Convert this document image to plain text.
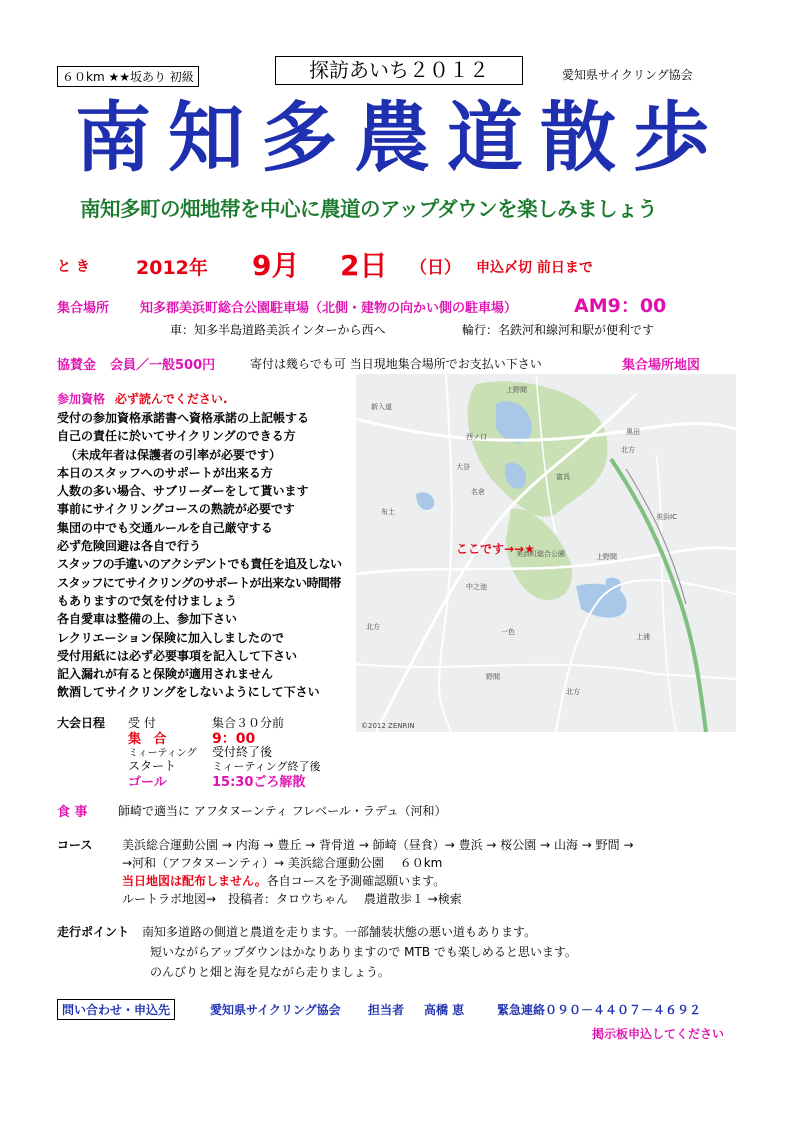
６０km ★★坂あり 初級	探訪あいち２０１２	愛知県サイクリング協会
南知多農道散歩
南知多町の畑地帯を中心に農道のアップダウンを楽しみましょう
と き 2012年 9月 2日 （日） 申込〆切 前日まで
集合場所 知多郡美浜町総合公園駐車場（北側・建物の向かい側の駐車場）	AM9：00
車：知多半島道路美浜インターから西へ	輪行：名鉄河和線河和駅が便利です
協賛金 会員／一般500円	寄付は幾らでも可 当日現地集合場所でお支払い下さい	集合場所地図
参加資格 必ず読んでください.
受付の参加資格承諾書へ資格承諾の上記帳する
自己の責任に於いてサイクリングのできる方
（未成年者は保護者の引率が必要です）
本日のスタッフへのサポートが出来る方
人数の多い場合、サブリーダーをして貰います
事前にサイクリングコースの熟読が必要です
集団の中でも交通ルールを自己厳守する
必ず危険回避は各自で行う
スタッフの手違いのアクシデントでも責任を追及しない
スタッフにてサイクリングのサポートが出来ない時間帯
もありますので気を付けましょう
各自愛車は整備の上、参加下さい
レクリエーション保険に加入しましたので
受付用紙には必ず必要事項を記入して下さい
記入漏れが有ると保険が適用されません
飲酒してサイクリングをしないようにして下さい
上野間
新入道
西ノ口
大谷
名倉
富具
奥田
北方
上野間
布土
北方
野間
美浜IC
美浜町総合公園
中之池
上浦
北方
一色
©2012 ZENRIN
ここです→→★
大会日程 受 付	集合３０分前
集 合	9：00
ミィーティング 受付終了後
スタート	ミィーティング終了後
ゴール	15:30ごろ解散
食 事	師崎で適当に アフタヌーンティ フレベール・ラデュ（河和）
コース 美浜総合運動公園 → 内海 → 豊丘 → 背骨道 → 師崎（昼食）→ 豊浜 → 桜公園 → 山海 → 野間 →
→河和（アフタヌーンティ）→ 美浜総合運動公園　 ６０km
当日地図は配布しません。各自コースを予測確認願います。
ルートラボ地図→　投稿者：タロウちゃん　 農道散歩１ →検索
走行ポイント 南知多道路の側道と農道を走ります。一部舗装状態の悪い道もあります。
短いながらアップダウンはかなりありますので MTB でも楽しめると思います。
のんびりと畑と海を見ながら走りましょう。
問い合わせ・申込先	愛知県サイクリング協会 担当者 高橋 恵	緊急連絡０９０－４４０７－４６９２
掲示板申込してください
